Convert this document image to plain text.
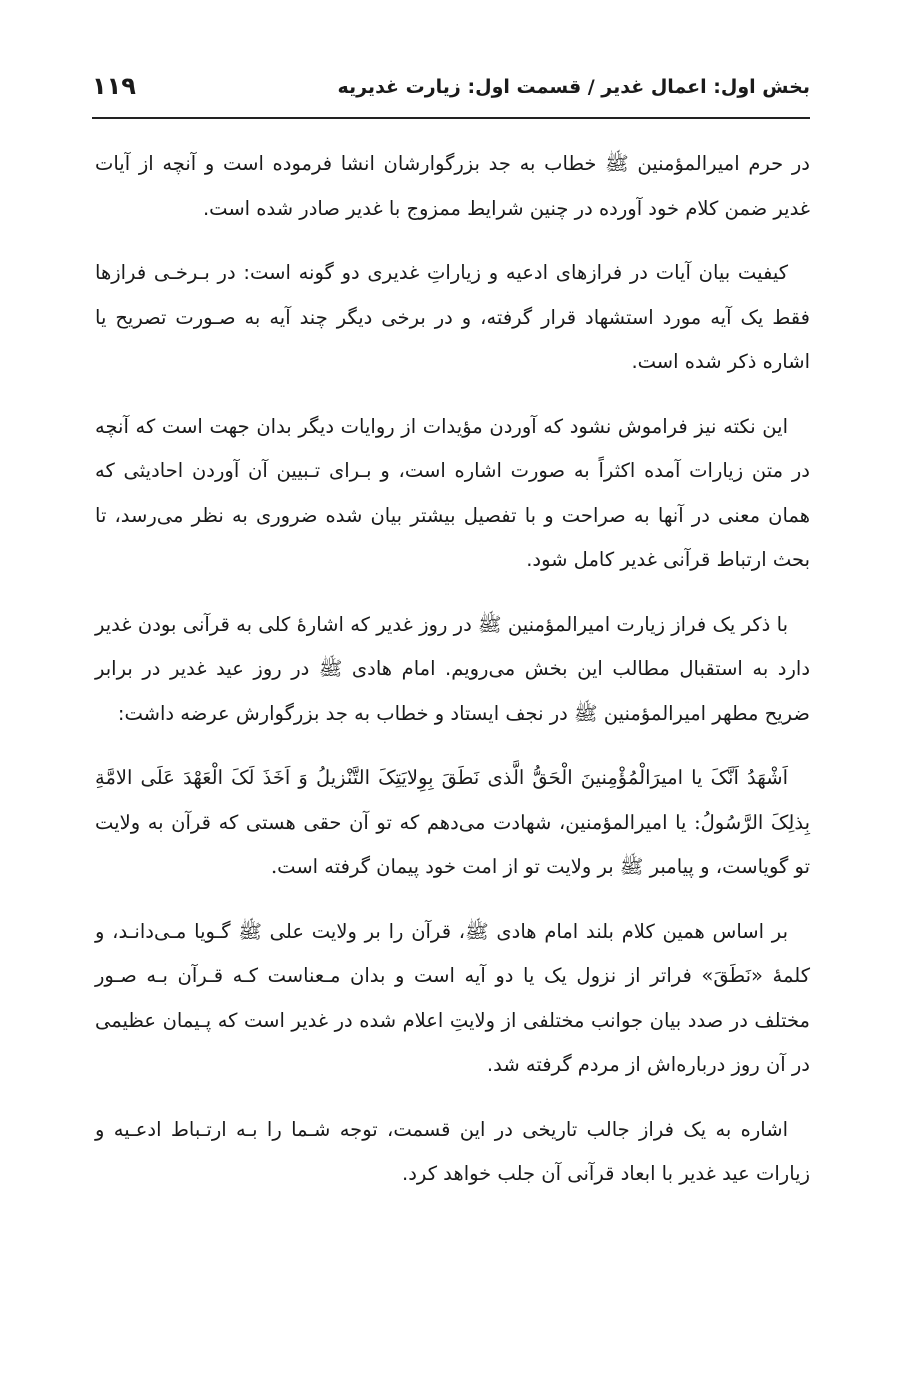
بخش اول: اعمال غدیر / قسمت اول: زیارت غدیریه
۱۱۹

در حرم امیرالمؤمنین ﷺ خطاب به جد بزرگوارشان انشا فرموده است و آنچه از آیات غدیر ضمن کلام خود آورده در چنین شرایط ممزوج با غدیر صادر شده است.

کیفیت بیان آیات در فرازهای ادعیه و زیاراتِ غدیری دو گونه است: در بـرخـی فرازها فقط یک آیه مورد استشهاد قرار گرفته، و در برخی دیگر چند آیه به صـورت تصریح یا اشاره ذکر شده است.

این نکته نیز فراموش نشود که آوردن مؤیدات از روایات دیگر بدان جهت است که آنچه در متن زیارات آمده اکثراً به صورت اشاره است، و بـرای تـبیین آن آوردن احادیثی که همان معنی در آنها به صراحت و با تفصیل بیشتر بیان شده ضروری به نظر می‌رسد، تا بحث ارتباط قرآنی غدیر کامل شود.

با ذکر یک فراز زیارت امیرالمؤمنین ﷺ در روز غدیر که اشارهٔ کلی به قرآنی بودن غدیر دارد به استقبال مطالب این بخش می‌رویم. امام هادی ﷺ در روز عید غدیر در برابر ضریح مطهر امیرالمؤمنین ﷺ در نجف ایستاد و خطاب به جد بزرگوارش عرضه داشت:

اَشْهَدُ اَنَّکَ یا امیرَالْمُؤْمِنینَ الْحَقُّ الَّذی نَطَقَ بِوِلایَتِکَ التَّنْزیلُ وَ اَخَذَ لَکَ الْعَهْدَ عَلَی الامَّةِ بِذلِکَ الرَّسُولُ: یا امیرالمؤمنین، شهادت می‌دهم که تو آن حقی هستی که قرآن به ولایت تو گویاست، و پیامبر ﷺ بر ولایت تو از امت خود پیمان گرفته است.

بر اساس همین کلام بلند امام هادی ﷺ، قرآن را بر ولایت علی ﷺ گـویا مـی‌دانـد، و کلمهٔ «نَطَقَ» فراتر از نزول یک یا دو آیه است و بدان مـعناست کـه قـرآن بـه صـور مختلف در صدد بیان جوانب مختلفی از ولایتِ اعلام شده در غدیر است که پـیمان عظیمی در آن روز درباره‌اش از مردم گرفته شد.

اشاره به یک فراز جالب تاریخی در این قسمت، توجه شـما را بـه ارتـباط ادعـیه و زیارات عید غدیر با ابعاد قرآنی آن جلب خواهد کرد.
